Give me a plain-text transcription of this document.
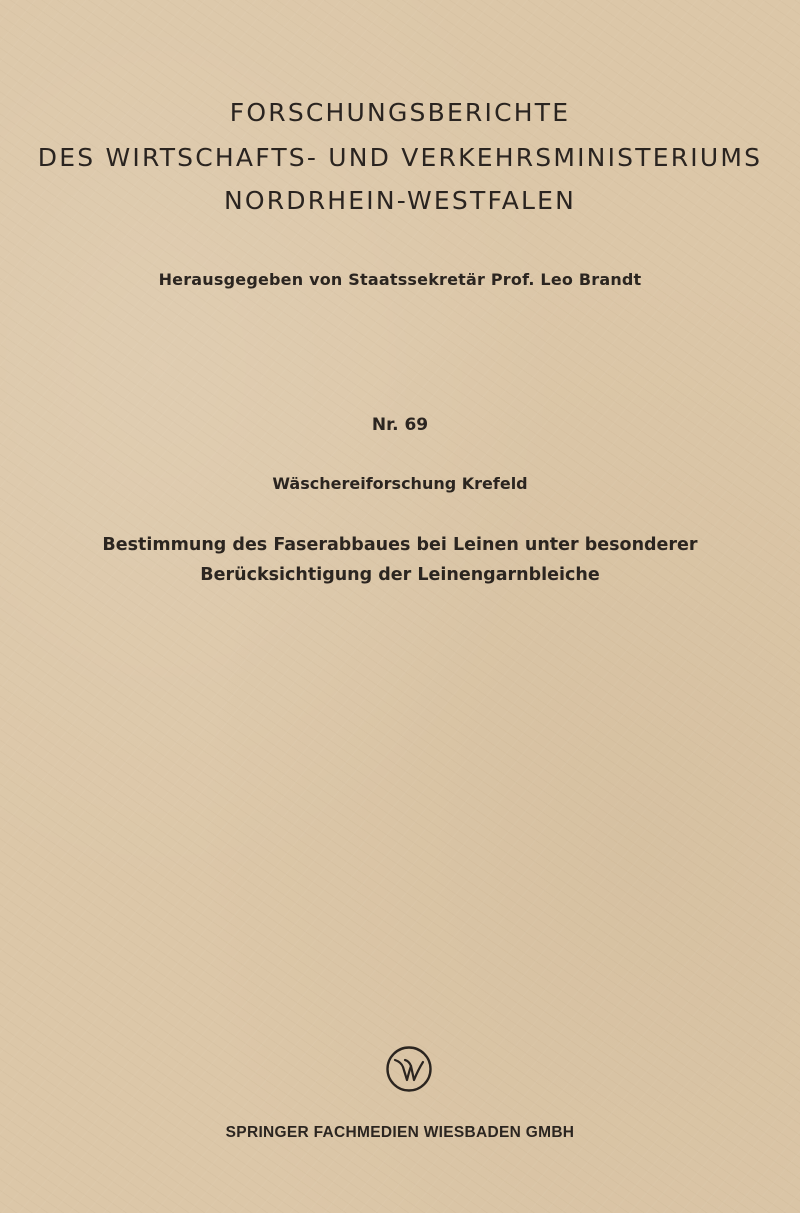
FORSCHUNGSBERICHTE
DES WIRTSCHAFTS- UND VERKEHRSMINISTERIUMS
NORDRHEIN-WESTFALEN

Herausgegeben von Staatssekretär Prof. Leo Brandt

Nr. 69

Wäschereiforschung Krefeld

Bestimmung des Faserabbaues bei Leinen unter besonderer

Berücksichtigung der Leinengarnbleiche

SPRINGER FACHMEDIEN WIESBADEN GMBH
